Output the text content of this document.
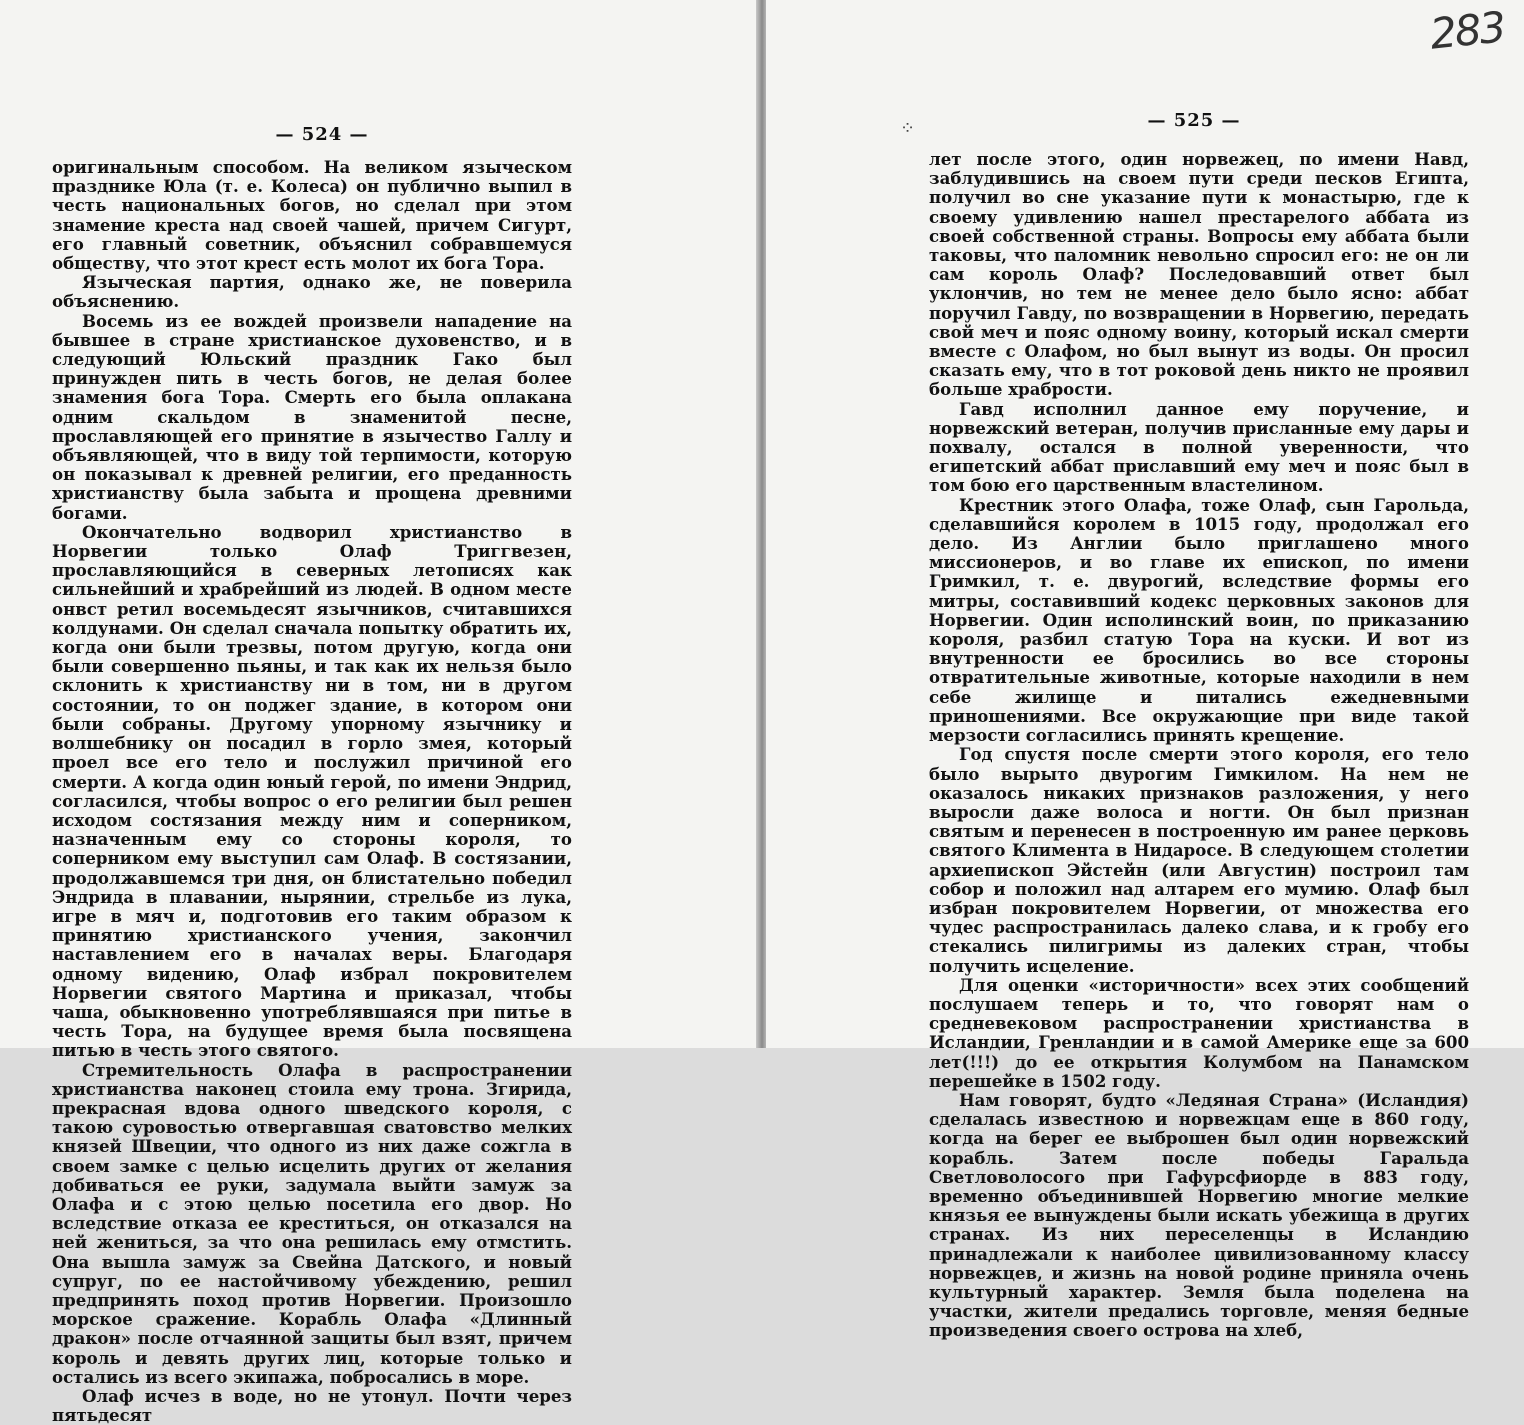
— 524 —

оригинальным способом. На великом языческом празднике Юла (т. е. Колеса) он публично выпил в честь национальных богов, но сделал при этом знамение креста над своей чашей, причем Сигурт, его главный советник, объяснил собравшемуся обществу, что этот крест есть молот их бога Тора.

Языческая партия, однако же, не поверила объяснению.

Восемь из ее вождей произвели нападение на бывшее в стране христианское духовенство, и в следующий Юльский праздник Гако был принужден пить в честь богов, не делая более знамения бога Тора. Смерть его была оплакана одним скальдом в знаменитой песне, прославляющей его принятие в язычество Галлу и объявляющей, что в виду той терпимости, которую он показывал к древней религии, его преданность христианству была забыта и прощена древними богами.

Окончательно водворил христианство в Норвегии только Олаф Триггвезен, прославляющийся в северных летописях как сильнейший и храбрейший из людей. В одном месте онвст ретил восемьдесят язычников, считавшихся колдунами. Он сделал сначала попытку обратить их, когда они были трезвы, потом другую, когда они были совершенно пьяны, и так как их нельзя было склонить к христианству ни в том, ни в другом состоянии, то он поджег здание, в котором они были собраны. Другому упорному язычнику и волшебнику он посадил в горло змея, который проел все его тело и послужил причиной его смерти. А когда один юный герой, по имени Эндрид, согласился, чтобы вопрос о его религии был решен исходом состязания между ним и соперником, назначенным ему со стороны короля, то соперником ему выступил сам Олаф. В состязании, продолжавшемся три дня, он блистательно победил Эндрида в плавании, нырянии, стрельбе из лука, игре в мяч и, подготовив его таким образом к принятию христианского учения, закончил наставлением его в началах веры. Благодаря одному видению, Олаф избрал покровителем Норвегии святого Мартина и приказал, чтобы чаша, обыкновенно употреблявшаяся при питье в честь Тора, на будущее время была посвящена питью в честь этого святого.

Стремительность Олафа в распространении христианства наконец стоила ему трона. Згирида, прекрасная вдова одного шведского короля, с такою суровостью отвергавшая сватовство мелких князей Швеции, что одного из них даже сожгла в своем замке с целью исцелить других от желания добиваться ее руки, задумала выйти замуж за Олафа и с этою целью посетила его двор. Но вследствие отказа ее креститься, он отказался на ней жениться, за что она решилась ему отмстить. Она вышла замуж за Свейна Датского, и новый супруг, по ее настойчивому убеждению, решил предпринять поход против Норвегии. Произошло морское сражение. Корабль Олафа «Длинный дракон» после отчаянной защиты был взят, причем король и девять других лиц, которые только и остались из всего экипажа, побросались в море.

Олаф исчез в воде, но не утонул. Почти через пятьдесят

283
⁘	— 525 —

лет после этого, один норвежец, по имени Навд, заблудившись на своем пути среди песков Египта, получил во сне указание пути к монастырю, где к своему удивлению нашел престарелого аббата из своей собственной страны. Вопросы ему аббата были таковы, что паломник невольно спросил его: не он ли сам король Олаф? Последовавший ответ был уклончив, но тем не менее дело было ясно: аббат поручил Гавду, по возвращении в Норвегию, передать свой меч и пояс одному воину, который искал смерти вместе с Олафом, но был вынут из воды. Он просил сказать ему, что в тот роковой день никто не проявил больше храбрости.

Гавд исполнил данное ему поручение, и норвежский ветеран, получив присланные ему дары и похвалу, остался в полной уверенности, что египетский аббат приславший ему меч и пояс был в том бою его царственным властелином.

Крестник этого Олафа, тоже Олаф, сын Гарольда, сделавшийся королем в 1015 году, продолжал его дело. Из Англии было приглашено много миссионеров, и во главе их епископ, по имени Гримкил, т. е. двурогий, вследствие формы его митры, составивший кодекс церковных законов для Норвегии. Один исполинский воин, по приказанию короля, разбил статую Тора на куски. И вот из внутренности ее бросились во все стороны отвратительные животные, которые находили в нем себе жилище и питались ежедневными приношениями. Все окружающие при виде такой мерзости согласились принять крещение.

Год спустя после смерти этого короля, его тело было вырыто двурогим Гимкилом. На нем не оказалось никаких признаков разложения, у него выросли даже волоса и ногти. Он был признан святым и перенесен в построенную им ранее церковь святого Климента в Нидаросе. В следующем столетии архиепископ Эйстейн (или Августин) построил там собор и положил над алтарем его мумию. Олаф был избран покровителем Норвегии, от множества его чудес распространилась далеко слава, и к гробу его стекались пилигримы из далеких стран, чтобы получить исцеление.

Для оценки «историчности» всех этих сообщений послушаем теперь и то, что говорят нам о средневековом распространении христианства в Исландии, Гренландии и в самой Америке еще за 600 лет(!!!) до ее открытия Колумбом на Панамском перешейке в 1502 году.

Нам говорят, будто «Ледяная Страна» (Исландия) сделалась известною и норвежцам еще в 860 году, когда на берег ее выброшен был один норвежский корабль. Затем после победы Гаральда Светловолосого при Гафурсфиорде в 883 году, временно объединившей Норвегию многие мелкие князья ее вынуждены были искать убежища в других странах. Из них переселенцы в Исландию принадлежали к наиболее цивилизованному классу норвежцев, и жизнь на новой родине приняла очень культурный характер. Земля была поделена на участки, жители предались торговле, меняя бедные произведения своего острова на хлеб,
